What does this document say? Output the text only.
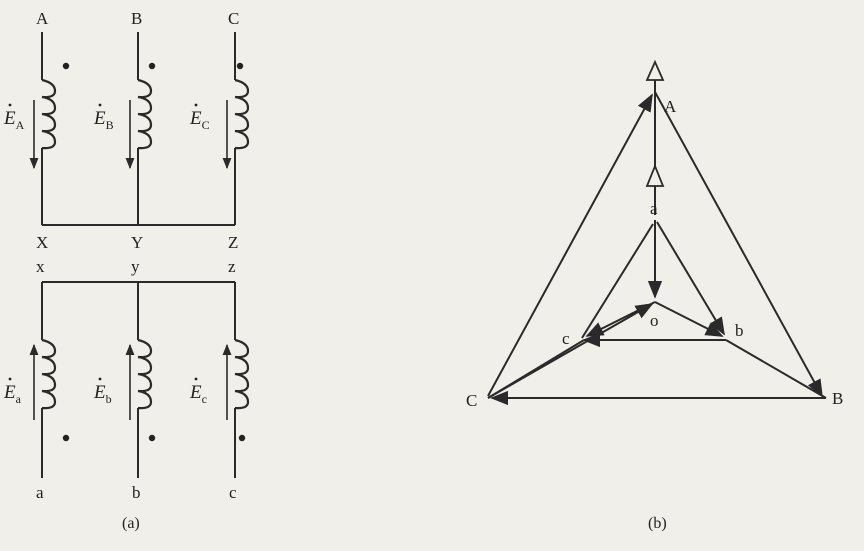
A	B	C
$E_A$	$E_B$	$E_C$
X	Y	Z
x	y	z
$E_a$	$E_b$	$E_c$
a	b	c
(a)
A
B
C
a
b
c
o
(b)
